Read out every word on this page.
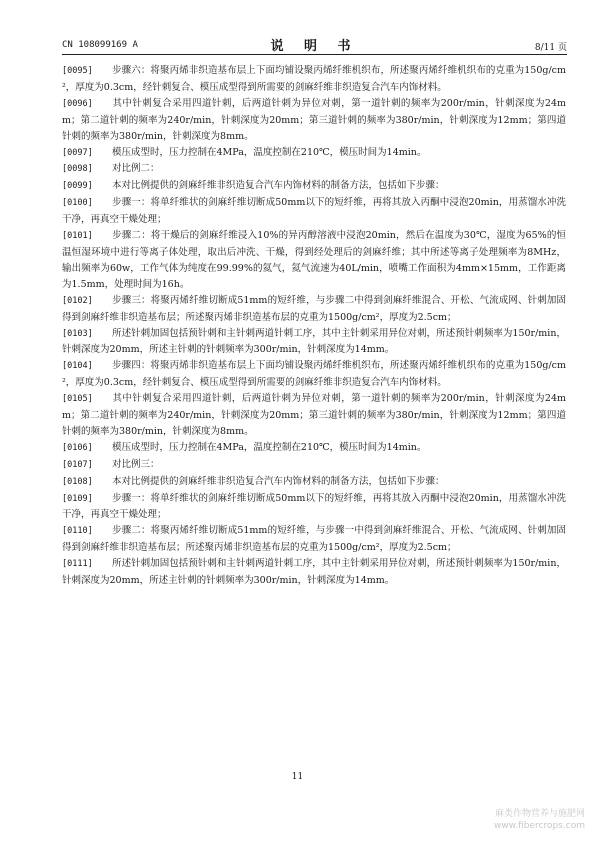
CN 108099169 A	说 明 书	8/11 页

[0095] 步骤六：将聚丙烯非织造基布层上下面均铺设聚丙烯纤维机织布，所述聚丙烯纤维机织布的克重为150g/cm²，厚度为0.3cm，经针刺复合、模压成型得到所需要的剑麻纤维非织造复合汽车内饰材料。

[0096] 其中针刺复合采用四道针刺，后两道针刺为异位对刺，第一道针刺的频率为200r/min，针刺深度为24mm；第二道针刺的频率为240r/min，针刺深度为20mm；第三道针刺的频率为380r/min，针刺深度为12mm；第四道针刺的频率为380r/min，针刺深度为8mm。

[0097] 模压成型时，压力控制在4MPa，温度控制在210℃，模压时间为14min。

[0098] 对比例二：

[0099] 本对比例提供的剑麻纤维非织造复合汽车内饰材料的制备方法，包括如下步骤：

[0100] 步骤一：将单纤维状的剑麻纤维切断成50mm以下的短纤维，再将其放入丙酮中浸泡20min，用蒸馏水冲洗干净，再真空干燥处理；

[0101] 步骤二：将干燥后的剑麻纤维浸入10%的异丙醇溶液中浸泡20min，然后在温度为30℃，湿度为65%的恒温恒湿环境中进行等离子体处理，取出后冲洗、干燥，得到经处理后的剑麻纤维；其中所述等离子处理频率为8MHz，输出频率为60w，工作气体为纯度在99.99%的氦气，氦气流速为40L/min，喷嘴工作面积为4mm×15mm，工作距离为1.5mm，处理时间为16h。

[0102] 步骤三：将聚丙烯纤维切断成51mm的短纤维，与步骤二中得到剑麻纤维混合、开松、气流成网、针刺加固得到剑麻纤维非织造基布层；所述聚丙烯非织造基布层的克重为1500g/cm²，厚度为2.5cm；

[0103] 所述针刺加固包括预针刺和主针刺两道针刺工序，其中主针刺采用异位对刺，所述预针刺频率为150r/min，针刺深度为20mm，所述主针刺的针刺频率为300r/min，针刺深度为14mm。

[0104] 步骤四：将聚丙烯非织造基布层上下面均铺设聚丙烯纤维机织布，所述聚丙烯纤维机织布的克重为150g/cm²，厚度为0.3cm，经针刺复合、模压成型得到所需要的剑麻纤维非织造复合汽车内饰材料。

[0105] 其中针刺复合采用四道针刺，后两道针刺为异位对刺，第一道针刺的频率为200r/min，针刺深度为24mm；第二道针刺的频率为240r/min，针刺深度为20mm；第三道针刺的频率为380r/min，针刺深度为12mm；第四道针刺的频率为380r/min，针刺深度为8mm。

[0106] 模压成型时，压力控制在4MPa，温度控制在210℃，模压时间为14min。

[0107] 对比例三：

[0108] 本对比例提供的剑麻纤维非织造复合汽车内饰材料的制备方法，包括如下步骤：

[0109] 步骤一：将单纤维状的剑麻纤维切断成50mm以下的短纤维，再将其放入丙酮中浸泡20min，用蒸馏水冲洗干净，再真空干燥处理；

[0110] 步骤二：将聚丙烯纤维切断成51mm的短纤维，与步骤一中得到剑麻纤维混合、开松、气流成网、针刺加固得到剑麻纤维非织造基布层；所述聚丙烯非织造基布层的克重为1500g/cm²，厚度为2.5cm；

[0111] 所述针刺加固包括预针刺和主针刺两道针刺工序，其中主针刺采用异位对刺，所述预针刺频率为150r/min，针刺深度为20mm，所述主针刺的针刺频率为300r/min，针刺深度为14mm。

11
麻类作物营养与施肥网
www.fibercrops.com
